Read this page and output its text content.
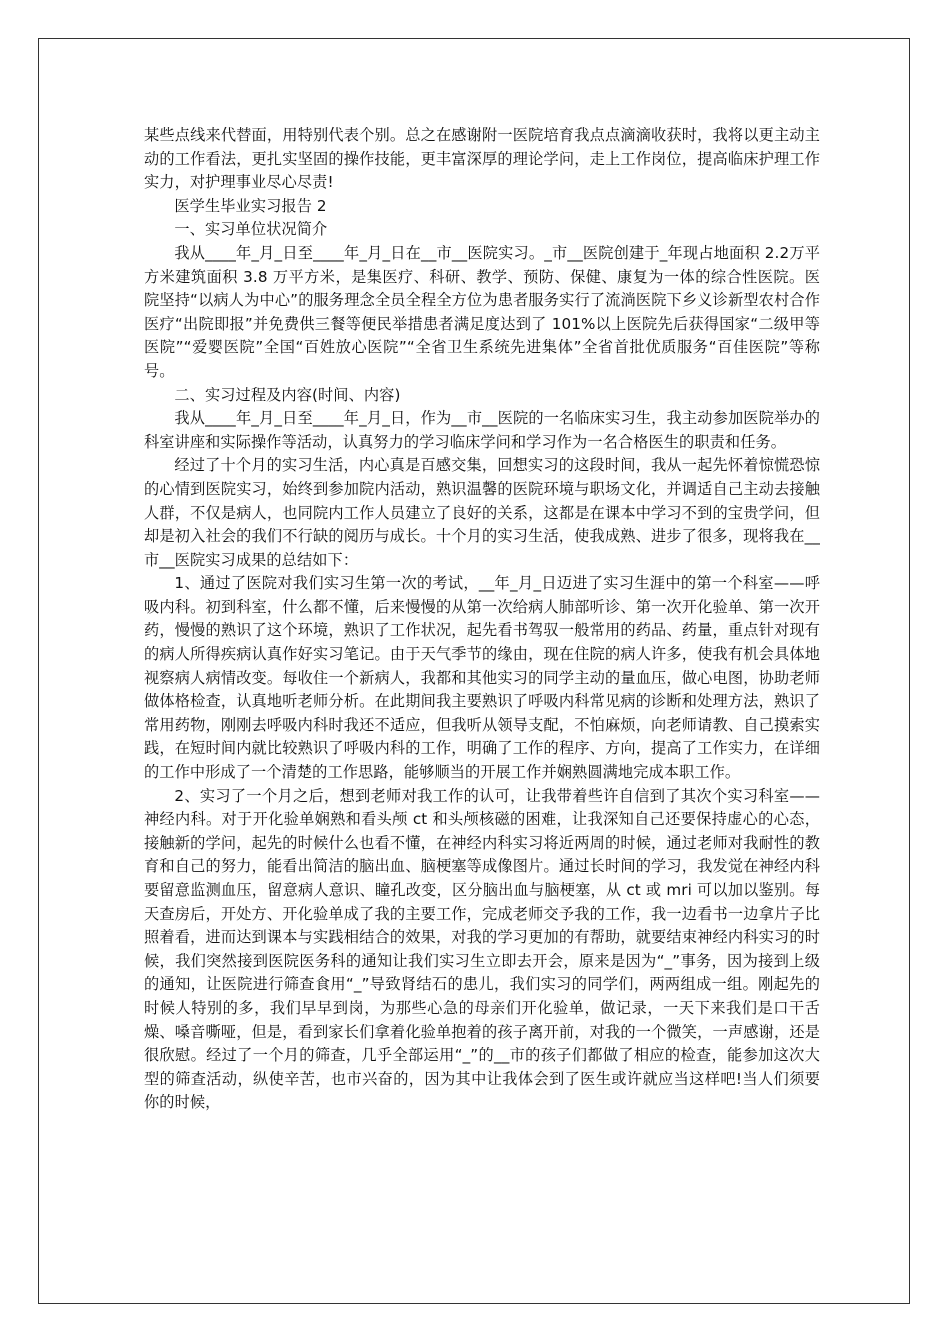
某些点线来代替面，用特别代表个别。总之在感谢附一医院培育我点点滴滴收获时，我将以更主动主动的工作看法，更扎实坚固的操作技能，更丰富深厚的理论学问，走上工作岗位，提高临床护理工作实力，对护理事业尽心尽责!

医学生毕业实习报告 2

一、实习单位状况简介

我从____年_月_日至____年_月_日在__市__医院实习。_市__医院创建于_年现占地面积 2.2万平方米建筑面积 3.8 万平方米，是集医疗、科研、教学、预防、保健、康复为一体的综合性医院。医院坚持“以病人为中心”的服务理念全员全程全方位为患者服务实行了流淌医院下乡义诊新型农村合作医疗“出院即报”并免费供三餐等便民举措患者满足度达到了 101%以上医院先后获得国家“二级甲等医院”“爱婴医院”全国“百姓放心医院”“全省卫生系统先进集体”全省首批优质服务“百佳医院”等称号。

二、实习过程及内容(时间、内容)

我从____年_月_日至____年_月_日，作为__市__医院的一名临床实习生，我主动参加医院举办的科室讲座和实际操作等活动，认真努力的学习临床学问和学习作为一名合格医生的职责和任务。

经过了十个月的实习生活，内心真是百感交集，回想实习的这段时间，我从一起先怀着惊慌恐惊的心情到医院实习，始终到参加院内活动，熟识温馨的医院环境与职场文化，并调适自己主动去接触人群，不仅是病人，也同院内工作人员建立了良好的关系，这都是在课本中学习不到的宝贵学问，但却是初入社会的我们不行缺的阅历与成长。十个月的实习生活，使我成熟、进步了很多，现将我在__市__医院实习成果的总结如下：

1、通过了医院对我们实习生第一次的考试，__年_月_日迈进了实习生涯中的第一个科室——呼吸内科。初到科室，什么都不懂，后来慢慢的从第一次给病人肺部听诊、第一次开化验单、第一次开药，慢慢的熟识了这个环境，熟识了工作状况，起先看书驾驭一般常用的药品、药量，重点针对现有的病人所得疾病认真作好实习笔记。由于天气季节的缘由，现在住院的病人许多，使我有机会具体地视察病人病情改变。每收住一个新病人，我都和其他实习的同学主动的量血压，做心电图，协助老师做体格检查，认真地听老师分析。在此期间我主要熟识了呼吸内科常见病的诊断和处理方法，熟识了常用药物，刚刚去呼吸内科时我还不适应，但我听从领导支配，不怕麻烦，向老师请教、自己摸索实践，在短时间内就比较熟识了呼吸内科的工作，明确了工作的程序、方向，提高了工作实力，在详细的工作中形成了一个清楚的工作思路，能够顺当的开展工作并娴熟圆满地完成本职工作。

2、实习了一个月之后，想到老师对我工作的认可，让我带着些许自信到了其次个实习科室——神经内科。对于开化验单娴熟和看头颅 ct 和头颅核磁的困难，让我深知自己还要保持虚心的心态，接触新的学问，起先的时候什么也看不懂，在神经内科实习将近两周的时候，通过老师对我耐性的教育和自己的努力，能看出简洁的脑出血、脑梗塞等成像图片。通过长时间的学习，我发觉在神经内科要留意监测血压，留意病人意识、瞳孔改变，区分脑出血与脑梗塞，从 ct 或 mri 可以加以鉴别。每天查房后，开处方、开化验单成了我的主要工作，完成老师交予我的工作，我一边看书一边拿片子比照着看，进而达到课本与实践相结合的效果，对我的学习更加的有帮助，就要结束神经内科实习的时候，我们突然接到医院医务科的通知让我们实习生立即去开会，原来是因为“_”事务，因为接到上级的通知，让医院进行筛查食用“_”导致肾结石的患儿，我们实习的同学们，两两组成一组。刚起先的时候人特别的多，我们早早到岗，为那些心急的母亲们开化验单，做记录，一天下来我们是口干舌燥、嗓音嘶哑，但是，看到家长们拿着化验单抱着的孩子离开前，对我的一个微笑，一声感谢，还是很欣慰。经过了一个月的筛查，几乎全部运用“_”的__市的孩子们都做了相应的检查，能参加这次大型的筛查活动，纵使辛苦，也市兴奋的，因为其中让我体会到了医生或许就应当这样吧!当人们须要你的时候，
